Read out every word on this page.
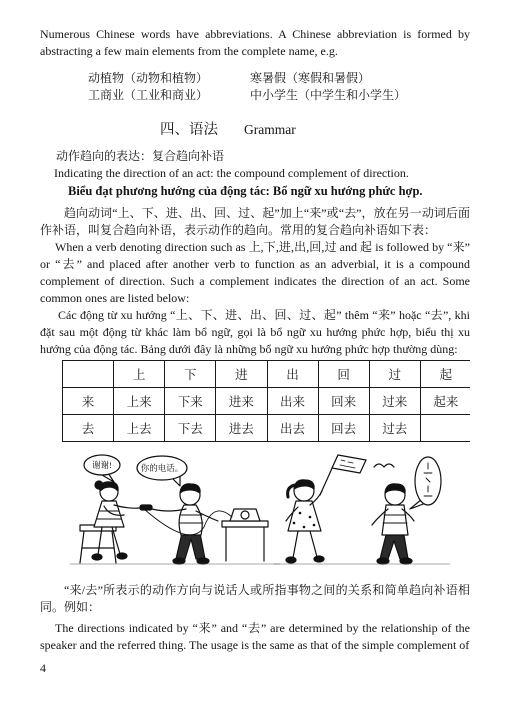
Numerous Chinese words have abbreviations. A Chinese abbreviation is formed by abstracting a few main elements from the complete name, e.g.

动植物（动物和植物）	寒暑假（寒假和暑假）
工商业（工业和商业）	中小学生（中学生和小学生）
四、语法 Grammar

动作趋向的表达：复合趋向补语

Indicating the direction of an act: the compound complement of direction.

Biểu đạt phương hướng của động tác: Bổ ngữ xu hướng phức hợp.

趋向动词“上、下、进、出、回、过、起”加上“来”或“去”，放在另一动词后面作补语，叫复合趋向补语，表示动作的趋向。常用的复合趋向补语如下表：

When a verb denoting direction such as 上,下,进,出,回,过 and 起 is followed by “来” or “去” and placed after another verb to function as an adverbial, it is a compound complement of direction. Such a complement indicates the direction of an act. Some common ones are listed below:

Các động từ xu hướng “上、下、进、出、回、过、起” thêm “来” hoặc “去”, khi đặt sau một động từ khác làm bổ ngữ, gọi là bổ ngữ xu hướng phức hợp, biểu thị xu hướng của động tác. Bảng dưới đây là những bổ ngữ xu hướng phức hợp thường dùng:

	上	下	进	出	回	过	起
来	上来	下来	进来	出来	回来	过来	起来
去	上去	下去	进去	出去	回去	过去	
谢谢!	你的电话。

“来/去”所表示的动作方向与说话人或所指事物之间的关系和简单趋向补语相同。例如：

The directions indicated by “来” and “去” are determined by the relationship of the speaker and the referred thing. The usage is the same as that of the simple complement of

4
